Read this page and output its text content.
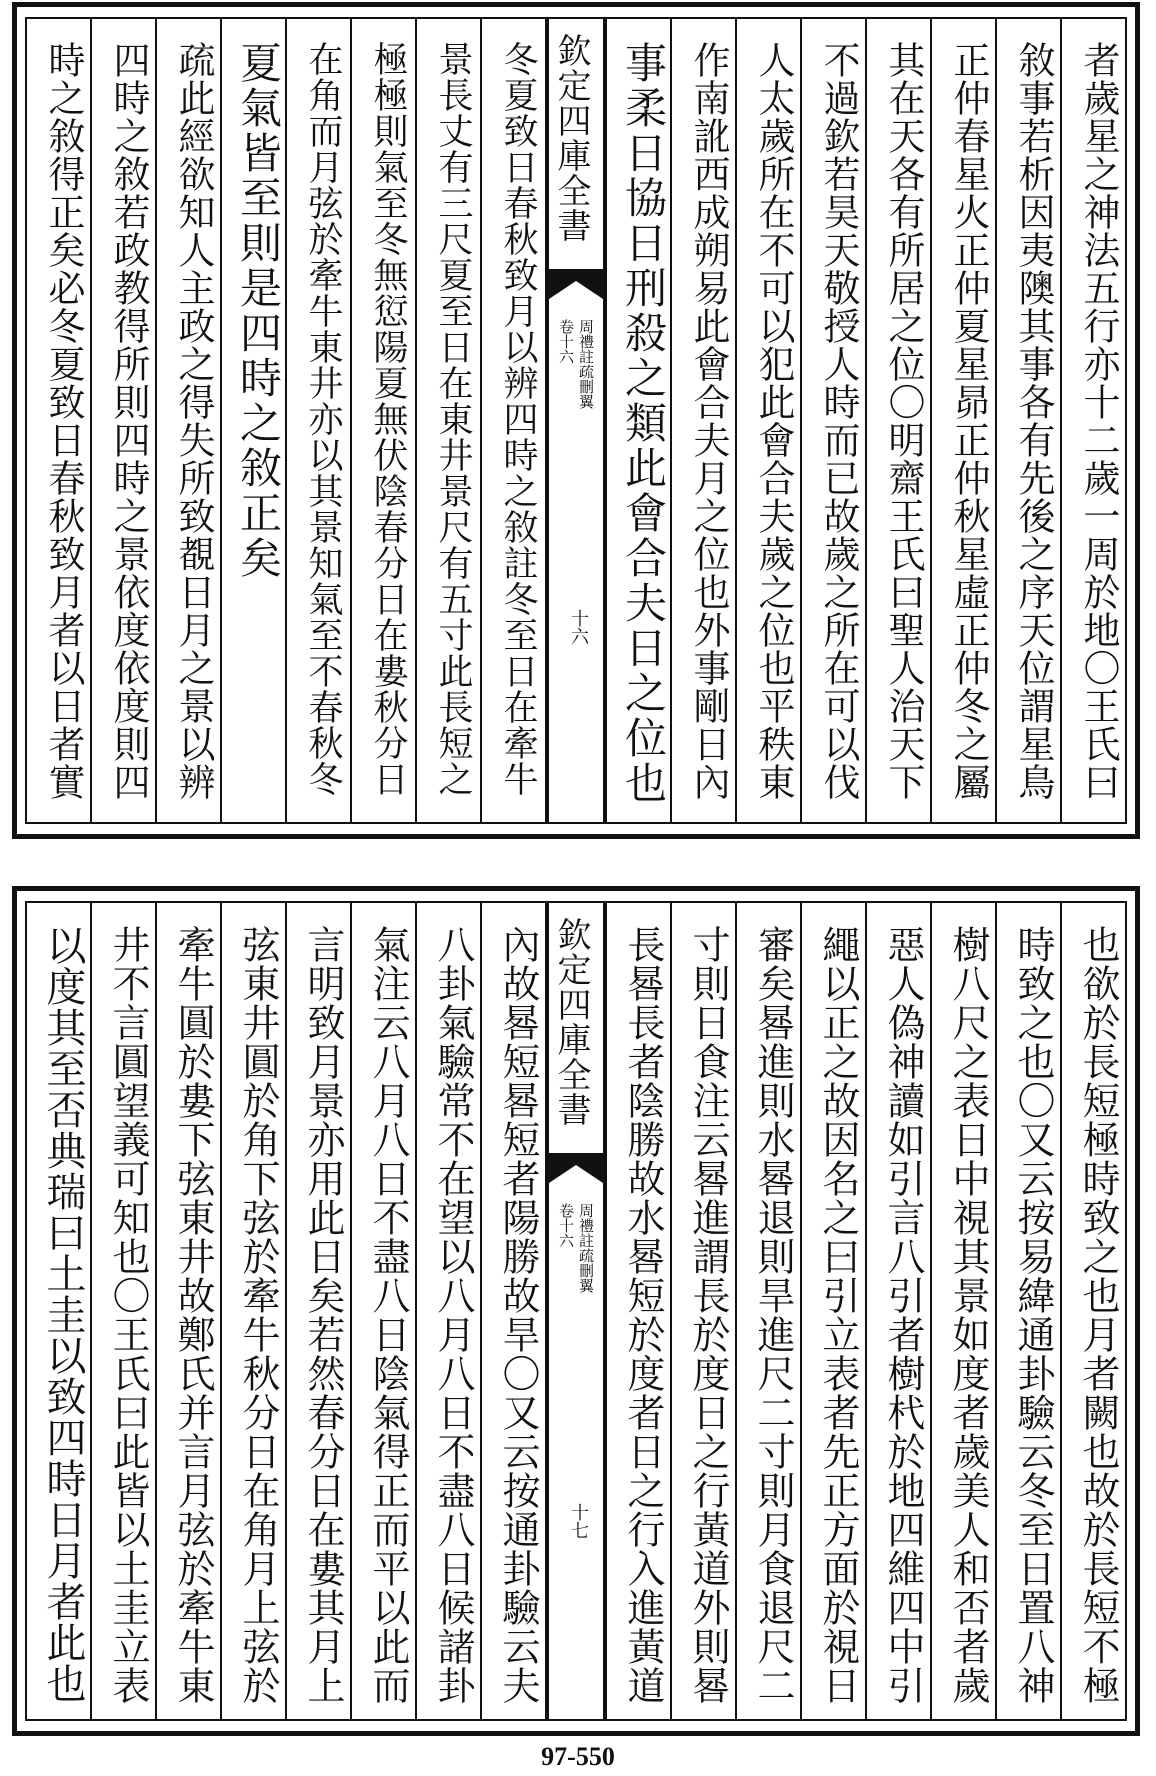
者歲星之神法五行亦十二歲一周於地〇王氏曰
敘事若析因夷隩其事各有先後之序天位謂星鳥
正仲春星火正仲夏星昴正仲秋星虛正仲冬之屬
其在天各有所居之位〇明齋王氏曰聖人治天下
不過欽若昊天敬授人時而已故歲之所在可以伐
人太歲所在不可以犯此會合夫歲之位也平秩東
作南訛西成朔易此會合夫月之位也外事剛日內
事柔日協日刑殺之類此會合夫日之位也
欽定四庫全書
周禮註疏刪翼
卷十六
十六
冬夏致日春秋致月以辨四時之敘註冬至日在牽牛
景長丈有三尺夏至日在東井景尺有五寸此長短之
極極則氣至冬無愆陽夏無伏陰春分日在婁秋分日
在角而月弦於牽牛東井亦以其景知氣至不春秋冬
夏氣皆至則是四時之敘正矣
疏此經欲知人主政之得失所致覩日月之景以辨
四時之敘若政教得所則四時之景依度依度則四
時之敘得正矣必冬夏致日春秋致月者以日者實
也欲於長短極時致之也月者闕也故於長短不極
時致之也〇又云按易緯通卦驗云冬至日置八神
樹八尺之表日中視其景如度者歲美人和否者歲
惡人偽神讀如引言八引者樹杙於地四維四中引
繩以正之故因名之曰引立表者先正方面於視日
審矣晷進則水晷退則旱進尺二寸則月食退尺二
寸則日食注云晷進謂長於度日之行黃道外則晷
長晷長者陰勝故水晷短於度者日之行入進黃道
欽定四庫全書
周禮註疏刪翼
卷十六
十七
內故晷短晷短者陽勝故旱〇又云按通卦驗云夫
八卦氣驗常不在望以八月八日不盡八日候諸卦
氣注云八月八日不盡八日陰氣得正而平以此而
言明致月景亦用此日矣若然春分日在婁其月上
弦東井圓於角下弦於牽牛秋分日在角月上弦於
牽牛圓於婁下弦東井故鄭氏并言月弦於牽牛東
井不言圓望義可知也〇王氏曰此皆以土圭立表
以度其至否典瑞曰土圭以致四時日月者此也
97-550
